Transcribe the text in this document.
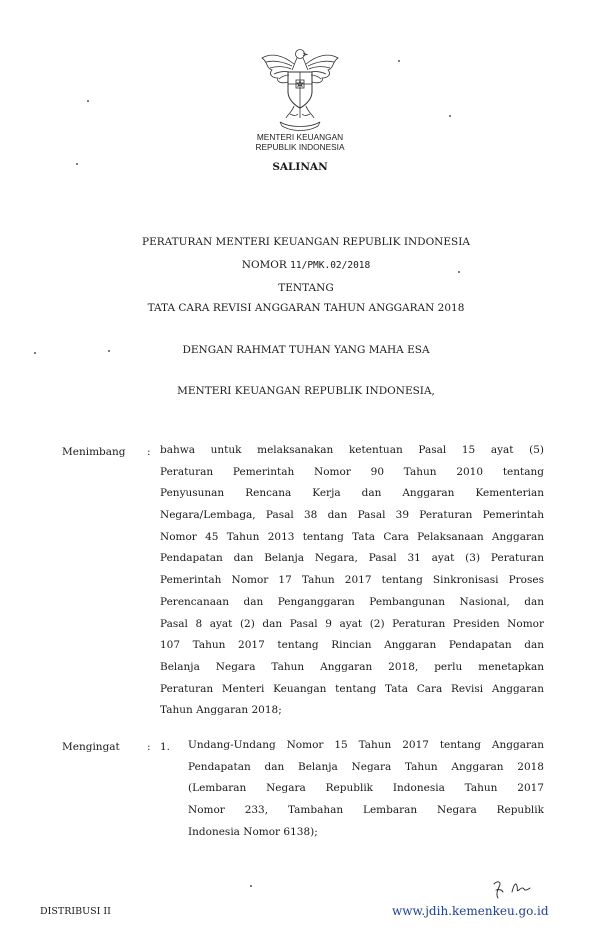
MENTERI KEUANGAN
REPUBLIK INDONESIA
SALINAN
PERATURAN MENTERI KEUANGAN REPUBLIK INDONESIA
NOMOR 11/PMK.02/2018
TENTANG
TATA CARA REVISI ANGGARAN TAHUN ANGGARAN 2018
DENGAN RAHMAT TUHAN YANG MAHA ESA
MENTERI KEUANGAN REPUBLIK INDONESIA,
Menimbang : bahwa untuk melaksanakan ketentuan Pasal 15 ayat (5)
Peraturan Pemerintah Nomor 90 Tahun 2010 tentang
Penyusunan Rencana Kerja dan Anggaran Kementerian
Negara/Lembaga, Pasal 38 dan Pasal 39 Peraturan Pemerintah
Nomor 45 Tahun 2013 tentang Tata Cara Pelaksanaan Anggaran
Pendapatan dan Belanja Negara, Pasal 31 ayat (3) Peraturan
Pemerintah Nomor 17 Tahun 2017 tentang Sinkronisasi Proses
Perencanaan dan Penganggaran Pembangunan Nasional, dan
Pasal 8 ayat (2) dan Pasal 9 ayat (2) Peraturan Presiden Nomor
107 Tahun 2017 tentang Rincian Anggaran Pendapatan dan
Belanja Negara Tahun Anggaran 2018, perlu menetapkan
Peraturan Menteri Keuangan tentang Tata Cara Revisi Anggaran
Tahun Anggaran 2018;
Mengingat	: 1. Undang-Undang Nomor 15 Tahun 2017 tentang Anggaran
Pendapatan dan Belanja Negara Tahun Anggaran 2018
(Lembaran Negara Republik Indonesia Tahun 2017
Nomor 233, Tambahan Lembaran Negara Republik
Indonesia Nomor 6138);
DISTRIBUSI II	www.jdih.kemenkeu.go.id
